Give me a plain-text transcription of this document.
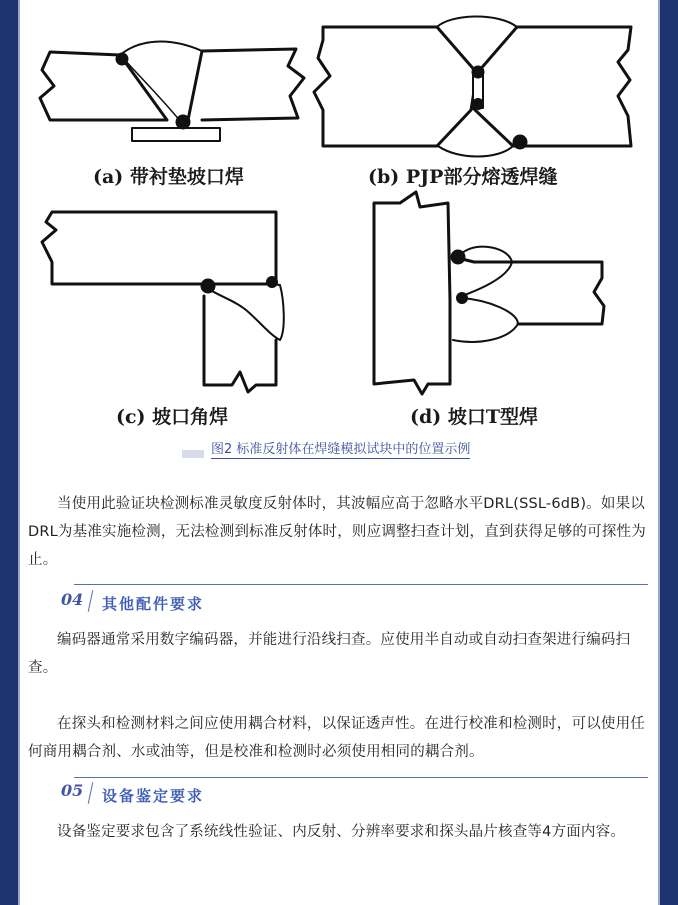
(a) 带衬垫坡口焊	(b) PJP部分熔透焊缝
(c) 坡口角焊	(d) 坡口T型焊
图2 标准反射体在焊缝模拟试块中的位置示例
当使用此验证块检测标准灵敏度反射体时，其波幅应高于忽略水平DRL(SSL-6dB)。如果以DRL为基准实施检测，无法检测到标准反射体时，则应调整扫查计划，直到获得足够的可探性为止。
04 其他配件要求
编码器通常采用数字编码器，并能进行沿线扫查。应使用半自动或自动扫查架进行编码扫查。
在探头和检测材料之间应使用耦合材料，以保证透声性。在进行校准和检测时，可以使用任何商用耦合剂、水或油等，但是校准和检测时必须使用相同的耦合剂。
05 设备鉴定要求
设备鉴定要求包含了系统线性验证、内反射、分辨率要求和探头晶片核查等4方面内容。
